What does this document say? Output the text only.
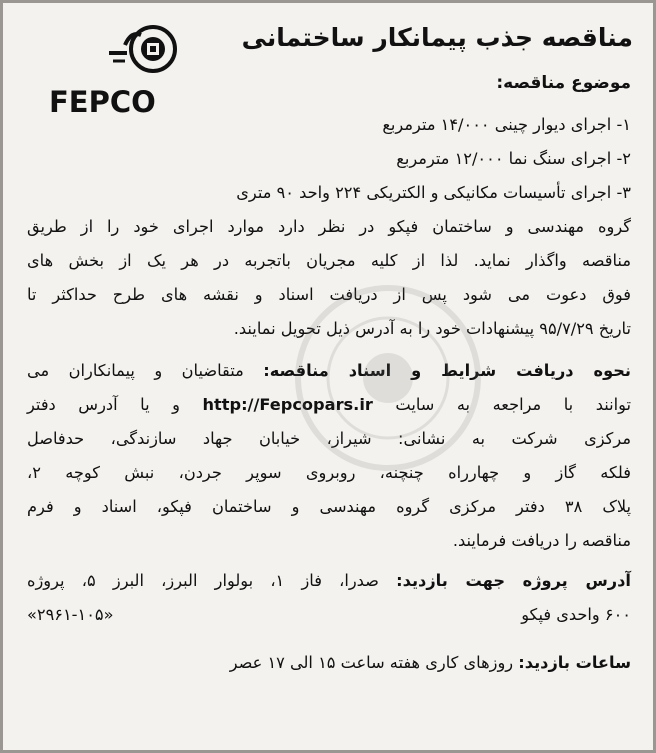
FEPCO
مناقصه جذب پیمانکار ساختمانی

موضوع مناقصه:

۱- اجرای دیوار چینی ۱۴/۰۰۰ مترمربع

۲- اجرای سنگ نما ۱۲/۰۰۰ مترمربع

۳- اجرای تأسیسات مکانیکی و الکتریکی ۲۲۴ واحد ۹۰ متری

گروه مهندسی و ساختمان فپکو در نظر دارد موارد اجرای خود را از طریق

مناقصه واگذار نماید. لذا از کلیه مجریان باتجربه در هر یک از بخش های

فوق دعوت می شود پس از دریافت اسناد و نقشه های طرح حداکثر تا

تاریخ ۹۵/۷/۲۹ پیشنهادات خود را به آدرس ذیل تحویل نمایند.

نحوه دریافت شرایط و اسناد مناقصه: متقاضیان و پیمانکاران می

توانند با مراجعه به سایت http://Fepcopars.ir و یا آدرس دفتر

مرکزی شرکت به نشانی: شیراز، خیابان جهاد سازندگی، حدفاصل

فلکه گاز و چهارراه چنچنه، روبروی سوپر جردن، نبش کوچه ۲،

پلاک ۳۸ دفتر مرکزی گروه مهندسی و ساختمان فپکو، اسناد و فرم

مناقصه را دریافت فرمایند.

آدرس پروژه جهت بازدید: صدرا، فاز ۱، بولوار البرز، البرز ۵، پروژه

۶۰۰ واحدی فپکو
«۲۹۶۱-۱۰۵»

ساعات بازدید: روزهای کاری هفته ساعت ۱۵ الی ۱۷ عصر
